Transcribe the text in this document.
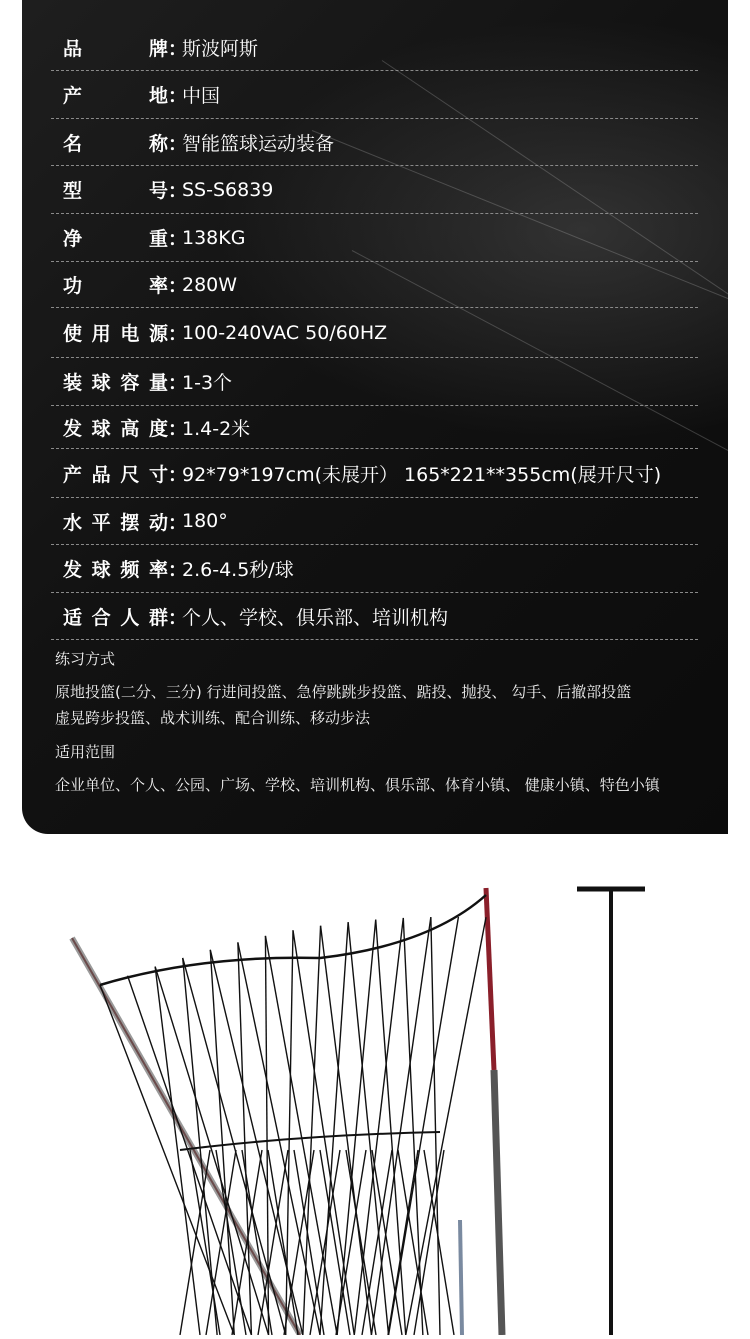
品	牌 ：
斯波阿斯
产	地 ：
中国
名	称 ：
智能篮球运动装备
型	号 ：
SS-S6839
净	重 ：
138KG
功	率 ：
280W
使 用 电 源 ：
100-240VAC 50/60HZ
装 球 容 量 ：
1-3个
发 球 高 度 ：
1.4-2米
产 品 尺 寸 ：
92*79*197cm(未展开） 165*221**355cm(展开尺寸)
水 平 摆 动 ：
180°
发 球 频 率 ：
2.6-4.5秒/球
适 合 人 群 ：
个人、学校、俱乐部、培训机构
练习方式
原地投篮(二分、三分) 行进间投篮、急停跳跳步投篮、踮投、抛投、 勾手、后撤部投篮
虚晃跨步投篮、战术训练、配合训练、移动步法
适用范围
企业单位、个人、公园、广场、学校、培训机构、俱乐部、体育小镇、 健康小镇、特色小镇
